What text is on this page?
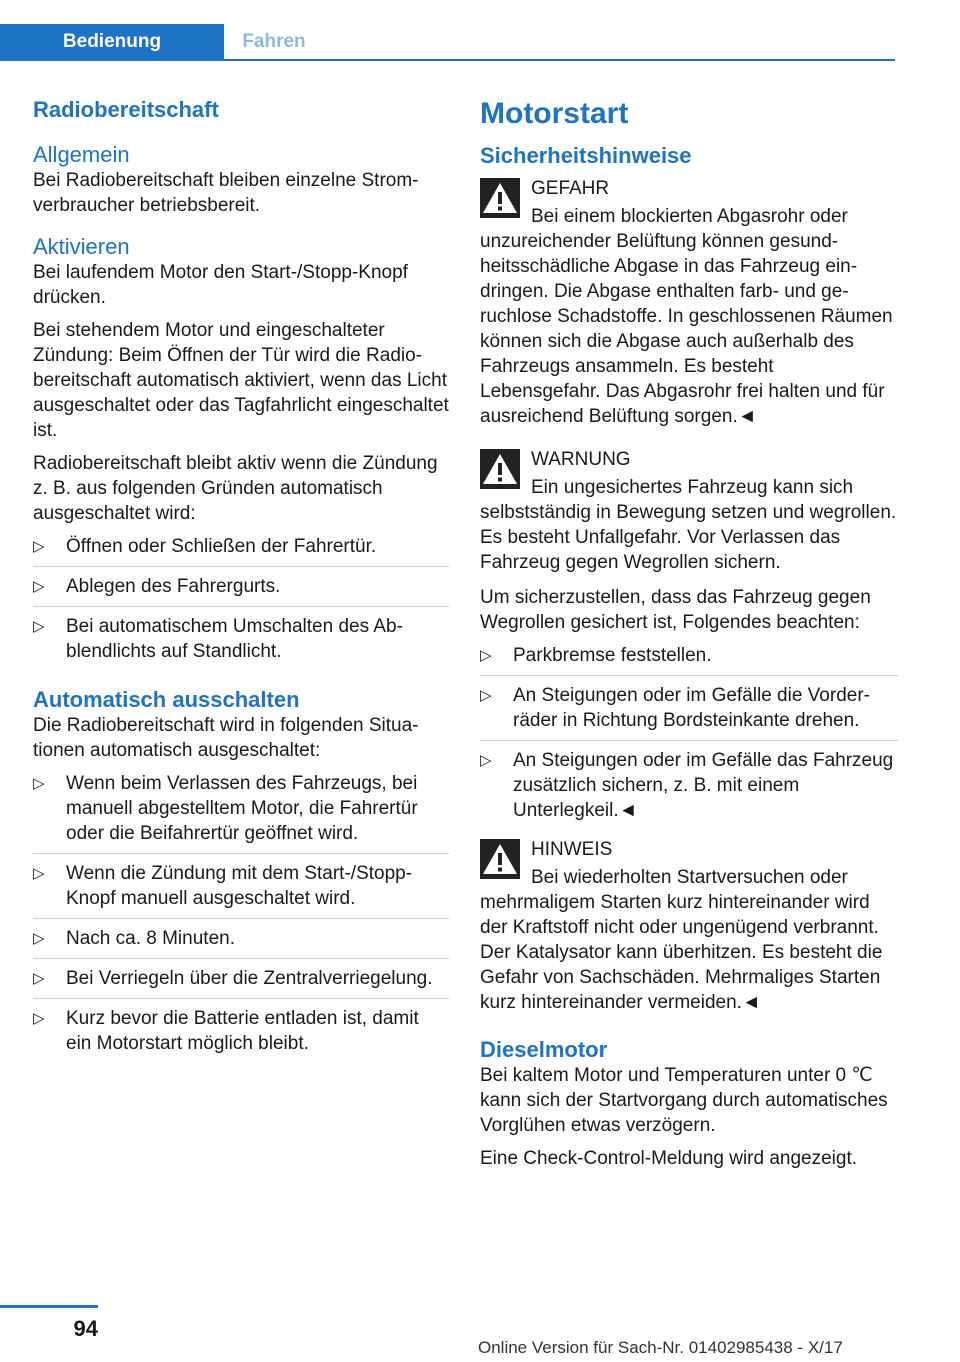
Bedienung	Fahren
Radiobereitschaft
Allgemein

Bei Radiobereitschaft bleiben einzelne Stromverbraucher betriebsbereit.

Aktivieren

Bei laufendem Motor den Start-/Stopp-Knopf drücken.

Bei stehendem Motor und eingeschalteter Zündung: Beim Öffnen der Tür wird die Radiobereitschaft automatisch aktiviert, wenn das Licht ausgeschaltet oder das Tagfahrlicht eingeschaltet ist.

Radiobereitschaft bleibt aktiv wenn die Zündung z. B. aus folgenden Gründen automatisch ausgeschaltet wird:

▷ Öffnen oder Schließen der Fahrertür.
▷ Ablegen des Fahrergurts.
▷ Bei automatischem Umschalten des Abblendlichts auf Standlicht.
Automatisch ausschalten

Die Radiobereitschaft wird in folgenden Situationen automatisch ausgeschaltet:

▷ Wenn beim Verlassen des Fahrzeugs, bei manuell abgestelltem Motor, die Fahrertür oder die Beifahrertür geöffnet wird.
▷ Wenn die Zündung mit dem Start-/Stopp-Knopf manuell ausgeschaltet wird.
▷ Nach ca. 8 Minuten.
▷ Bei Verriegeln über die Zentralverriegelung.
▷ Kurz bevor die Batterie entladen ist, damit ein Motorstart möglich bleibt.
Motorstart
Sicherheitshinweise
GEFAHR
Bei einem blockierten Abgasrohr oder unzureichender Belüftung können gesundheitsschädliche Abgase in das Fahrzeug eindringen. Die Abgase enthalten farb- und geruchlose Schadstoffe. In geschlossenen Räumen können sich die Abgase auch außerhalb des Fahrzeugs ansammeln. Es besteht Lebensgefahr. Das Abgasrohr frei halten und für ausreichend Belüftung sorgen.◄
WARNUNG
Ein ungesichertes Fahrzeug kann sich selbstständig in Bewegung setzen und wegrollen. Es besteht Unfallgefahr. Vor Verlassen das Fahrzeug gegen Wegrollen sichern.

Um sicherzustellen, dass das Fahrzeug gegen Wegrollen gesichert ist, Folgendes beachten:

▷ Parkbremse feststellen.
▷ An Steigungen oder im Gefälle die Vorderräder in Richtung Bordsteinkante drehen.
▷ An Steigungen oder im Gefälle das Fahrzeug zusätzlich sichern, z. B. mit einem Unterlegkeil.◄
HINWEIS
Bei wiederholten Startversuchen oder mehrmaligem Starten kurz hintereinander wird der Kraftstoff nicht oder ungenügend verbrannt. Der Katalysator kann überhitzen. Es besteht die Gefahr von Sachschäden. Mehrmaliges Starten kurz hintereinander vermeiden.◄
Dieselmotor

Bei kaltem Motor und Temperaturen unter 0 ℃ kann sich der Startvorgang durch automatisches Vorglühen etwas verzögern.

Eine Check-Control-Meldung wird angezeigt.

94
Online Version für Sach-Nr. 01402985438 - X/17
